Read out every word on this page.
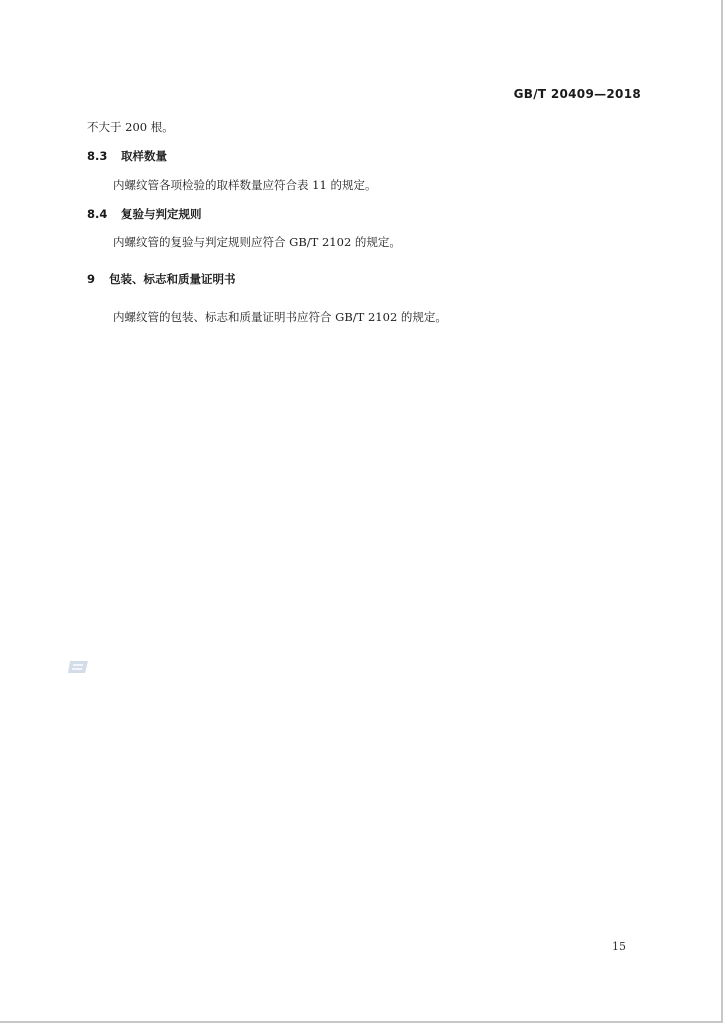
GB/T 20409—2018
不大于 200 根。
8.3 取样数量
内螺纹管各项检验的取样数量应符合表 11 的规定。
8.4 复验与判定规则
内螺纹管的复验与判定规则应符合 GB/T 2102 的规定。
9 包装、标志和质量证明书
内螺纹管的包装、标志和质量证明书应符合 GB/T 2102 的规定。
15
